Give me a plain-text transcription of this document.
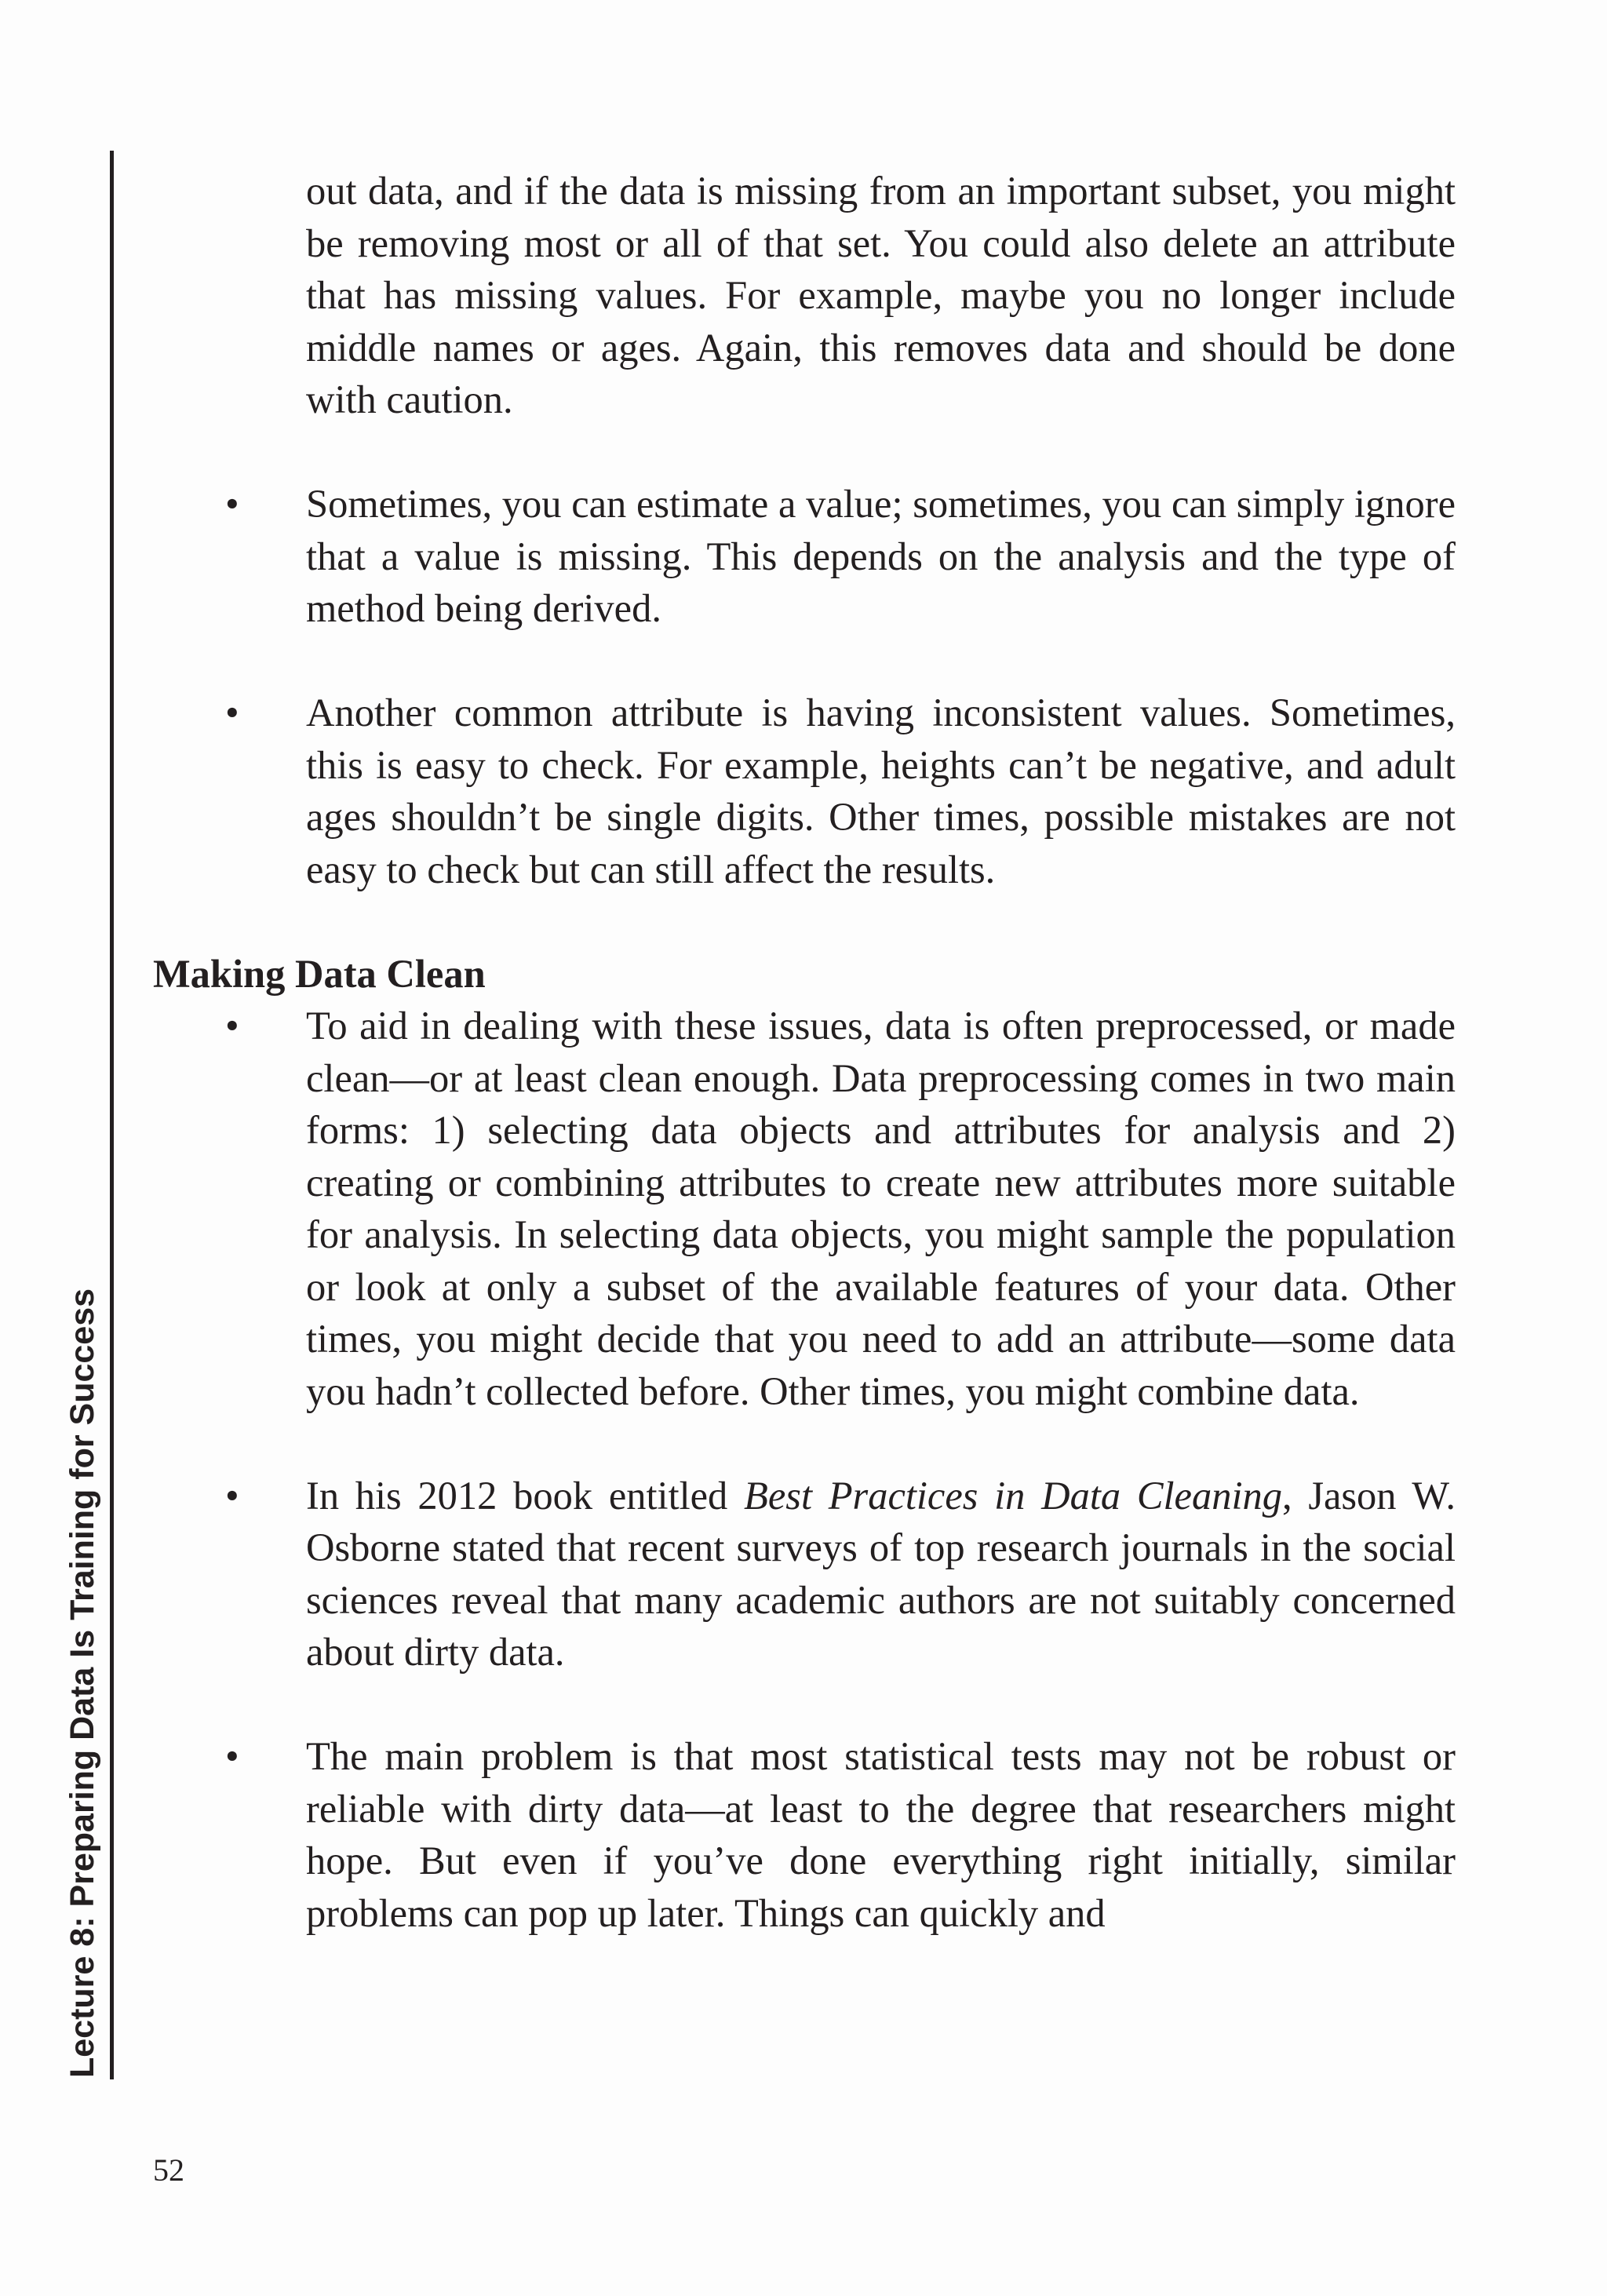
Lecture 8: Preparing Data Is Training for Success

out data, and if the data is missing from an important subset, you might be removing most or all of that set. You could also delete an attribute that has missing values. For example, maybe you no longer include middle names or ages. Again, this removes data and should be done with caution.

• Sometimes, you can estimate a value; sometimes, you can simply ignore that a value is missing. This depends on the analysis and the type of method being derived.
• Another common attribute is having inconsistent values. Sometimes, this is easy to check. For example, heights can’t be negative, and adult ages shouldn’t be single digits. Other times, possible mistakes are not easy to check but can still affect the results.
Making Data Clean
• To aid in dealing with these issues, data is often preprocessed, or made clean—or at least clean enough. Data preprocessing comes in two main forms: 1) selecting data objects and attributes for analysis and 2) creating or combining attributes to create new attributes more suitable for analysis. In selecting data objects, you might sample the population or look at only a subset of the available features of your data. Other times, you might decide that you need to add an attribute—some data you hadn’t collected before. Other times, you might combine data.
• In his 2012 book entitled Best Practices in Data Cleaning, Jason W. Osborne stated that recent surveys of top research journals in the social sciences reveal that many academic authors are not suitably concerned about dirty data.
• The main problem is that most statistical tests may not be robust or reliable with dirty data—at least to the degree that researchers might hope. But even if you’ve done everything right initially, similar problems can pop up later. Things can quickly and
52
